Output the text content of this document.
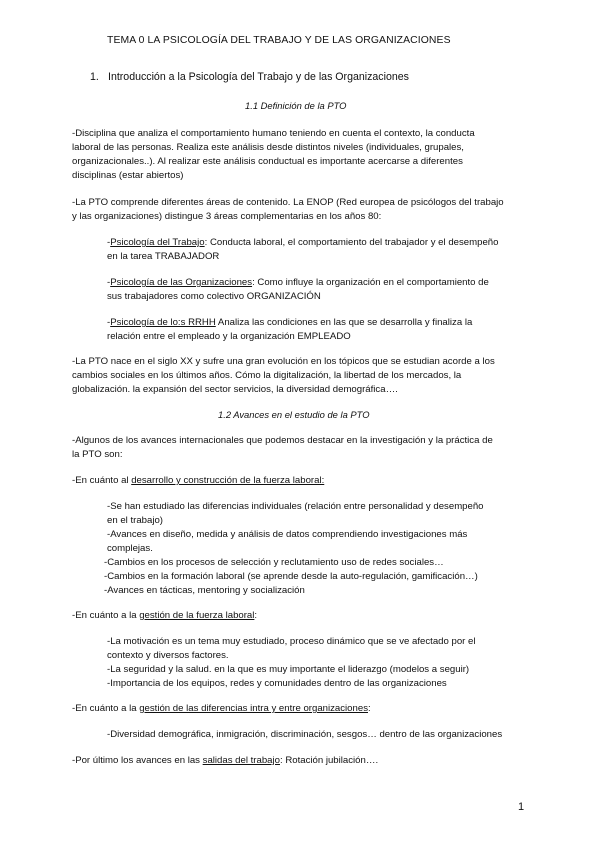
TEMA 0 LA PSICOLOGÍA DEL TRABAJO Y DE LAS ORGANIZACIONES
1. Introducción a la Psicología del Trabajo y de las Organizaciones
1.1 Definición de la PTO
-Disciplina que analiza el comportamiento humano teniendo en cuenta el contexto, la conducta
laboral de las personas. Realiza este análisis desde distintos niveles (individuales, grupales,
organizacionales..). Al realizar este análisis conductual es importante acercarse a diferentes
disciplinas (estar abiertos)
-La PTO comprende diferentes áreas de contenido. La ENOP (Red europea de psicólogos del trabajo
y las organizaciones) distingue 3 áreas complementarias en los años 80:
-Psicología del Trabajo: Conducta laboral, el comportamiento del trabajador y el desempeño
en la tarea TRABAJADOR
-Psicología de las Organizaciones: Como influye la organización en el comportamiento de
sus trabajadores como colectivo ORGANIZACIÓN
-Psicología de lo:s RRHH Analiza las condiciones en las que se desarrolla y finaliza la
relación entre el empleado y la organización EMPLEADO
-La PTO nace en el siglo XX y sufre una gran evolución en los tópicos que se estudian acorde a los
cambios sociales en los últimos años. Cómo la digitalización, la libertad de los mercados, la
globalización. la expansión del sector servicios, la diversidad demográfica….
1.2 Avances en el estudio de la PTO
-Algunos de los avances internacionales que podemos destacar en la investigación y la práctica de
la PTO son:
-En cuánto al desarrollo y construcción de la fuerza laboral:
-Se han estudiado las diferencias individuales (relación entre personalidad y desempeño
en el trabajo)
-Avances en diseño, medida y análisis de datos comprendiendo investigaciones más
complejas.
-Cambios en los procesos de selección y reclutamiento uso de redes sociales…
-Cambios en la formación laboral (se aprende desde la auto-regulación, gamificación…)
-Avances en tácticas, mentoring y socialización
-En cuánto a la gestión de la fuerza laboral:
-La motivación es un tema muy estudiado, proceso dinámico que se ve afectado por el
contexto y diversos factores.
-La seguridad y la salud. en la que es muy importante el liderazgo (modelos a seguir)
-Importancia de los equipos, redes y comunidades dentro de las organizaciones
-En cuánto a la gestión de las diferencias intra y entre organizaciones:
-Diversidad demográfica, inmigración, discriminación, sesgos… dentro de las organizaciones
-Por último los avances en las salidas del trabajo: Rotación jubilación….
1
